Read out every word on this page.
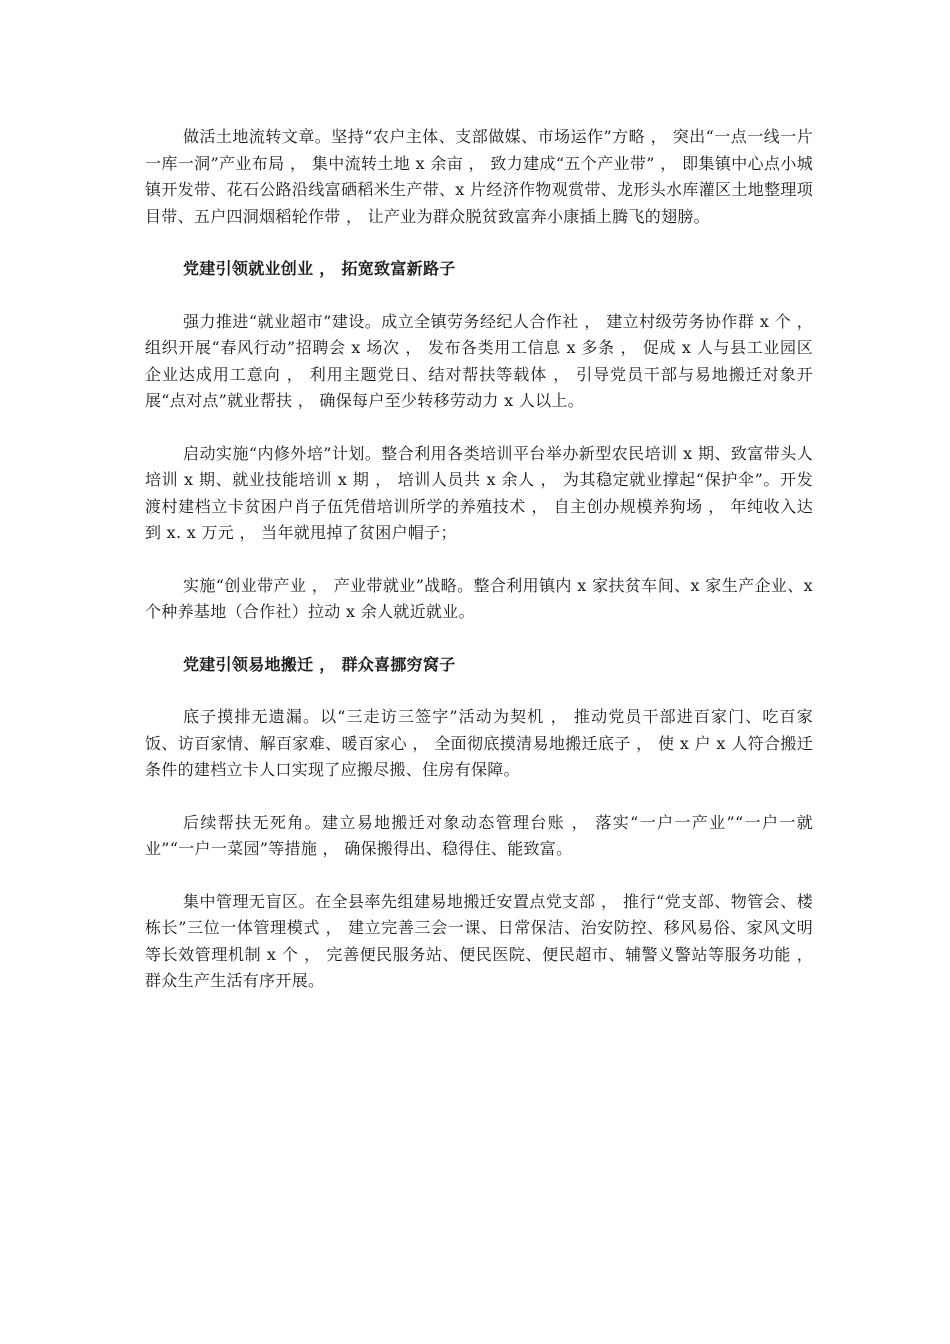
做活土地流转文章。坚持“农户主体、支部做媒、市场运作”方略 ， 突出“一点一线一片一库一洞”产业布局 ， 集中流转土地 x 余亩 ， 致力建成“五个产业带” ， 即集镇中心点小城镇开发带、花石公路沿线富硒稻米生产带、x 片经济作物观赏带、龙形头水库灌区土地整理项目带、五户四洞烟稻轮作带 ， 让产业为群众脱贫致富奔小康插上腾飞的翅膀。

党建引领就业创业 ， 拓宽致富新路子

强力推进“就业超市”建设。成立全镇劳务经纪人合作社 ， 建立村级劳务协作群 x 个 ， 组织开展“春风行动”招聘会 x 场次 ， 发布各类用工信息 x 多条 ， 促成 x 人与县工业园区企业达成用工意向 ， 利用主题党日、结对帮扶等载体 ， 引导党员干部与易地搬迁对象开展“点对点”就业帮扶 ， 确保每户至少转移劳动力 x 人以上。

启动实施“内修外培”计划。整合利用各类培训平台举办新型农民培训 x 期、致富带头人培训 x 期、就业技能培训 x 期 ， 培训人员共 x 余人 ， 为其稳定就业撑起“保护伞”。开发渡村建档立卡贫困户肖子伍凭借培训所学的养殖技术 ， 自主创办规模养狗场 ， 年纯收入达到 x. x 万元 ， 当年就甩掉了贫困户帽子；

实施“创业带产业 ， 产业带就业”战略。整合利用镇内 x 家扶贫车间、x 家生产企业、x 个种养基地（合作社）拉动 x 余人就近就业。

党建引领易地搬迁 ， 群众喜挪穷窝子

底子摸排无遗漏。以“三走访三签字”活动为契机 ， 推动党员干部进百家门、吃百家饭、访百家情、解百家难、暖百家心 ， 全面彻底摸清易地搬迁底子 ， 使 x 户 x 人符合搬迁条件的建档立卡人口实现了应搬尽搬、住房有保障。

后续帮扶无死角。建立易地搬迁对象动态管理台账 ， 落实“一户一产业”“一户一就业”“一户一菜园”等措施 ， 确保搬得出、稳得住、能致富。

集中管理无盲区。在全县率先组建易地搬迁安置点党支部 ， 推行“党支部、物管会、楼栋长”三位一体管理模式 ， 建立完善三会一课、日常保洁、治安防控、移风易俗、家风文明等长效管理机制 x 个 ， 完善便民服务站、便民医院、便民超市、辅警义警站等服务功能 ， 群众生产生活有序开展。
